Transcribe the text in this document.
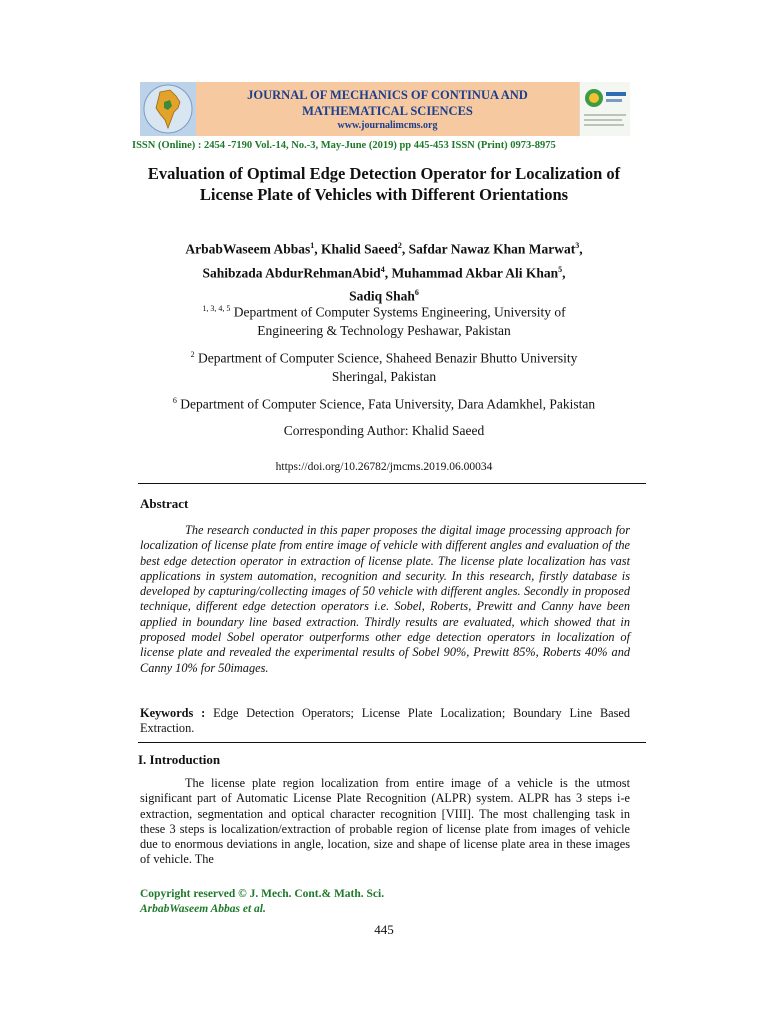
JOURNAL OF MECHANICS OF CONTINUA AND
MATHEMATICAL SCIENCES
www.journalimcms.org
ISSN (Online) : 2454 -7190 Vol.-14, No.-3, May-June (2019) pp 445-453 ISSN (Print) 0973-8975
Evaluation of Optimal Edge Detection Operator for Localization of License Plate of Vehicles with Different Orientations
ArbabWaseem Abbas$^1$, Khalid Saeed$^2$, Safdar Nawaz Khan Marwat$^3$,
Sahibzada AbdurRehmanAbid$^4$, Muhammad Akbar Ali Khan$^5$,
Sadiq Shah$^6$
$^{1, 3, 4, 5}$ Department of Computer Systems Engineering, University of
Engineering & Technology Peshawar, Pakistan
$^2$ Department of Computer Science, Shaheed Benazir Bhutto University
Sheringal, Pakistan
$^6$ Department of Computer Science, Fata University, Dara Adamkhel, Pakistan
Corresponding Author: Khalid Saeed
https://doi.org/10.26782/jmcms.2019.06.00034
Abstract
The research conducted in this paper proposes the digital image processing approach for localization of license plate from entire image of vehicle with different angles and evaluation of the best edge detection operator in extraction of license plate. The license plate localization has vast applications in system automation, recognition and security. In this research, firstly database is developed by capturing/collecting images of 50 vehicle with different angles. Secondly in proposed technique, different edge detection operators i.e. Sobel, Roberts, Prewitt and Canny have been applied in boundary line based extraction. Thirdly results are evaluated, which showed that in proposed model Sobel operator outperforms other edge detection operators in localization of license plate and revealed the experimental results of Sobel 90%, Prewitt 85%, Roberts 40% and Canny 10% for 50images.
Keywords : Edge Detection Operators; License Plate Localization; Boundary Line Based Extraction.
I. Introduction
The license plate region localization from entire image of a vehicle is the utmost significant part of Automatic License Plate Recognition (ALPR) system. ALPR has 3 steps i-e extraction, segmentation and optical character recognition [VIII]. The most challenging task in these 3 steps is localization/extraction of probable region of license plate from images of vehicle due to enormous deviations in angle, location, size and shape of license plate area in these images of vehicle. The
Copyright reserved © J. Mech. Cont.& Math. Sci.
ArbabWaseem Abbas et al.
445
